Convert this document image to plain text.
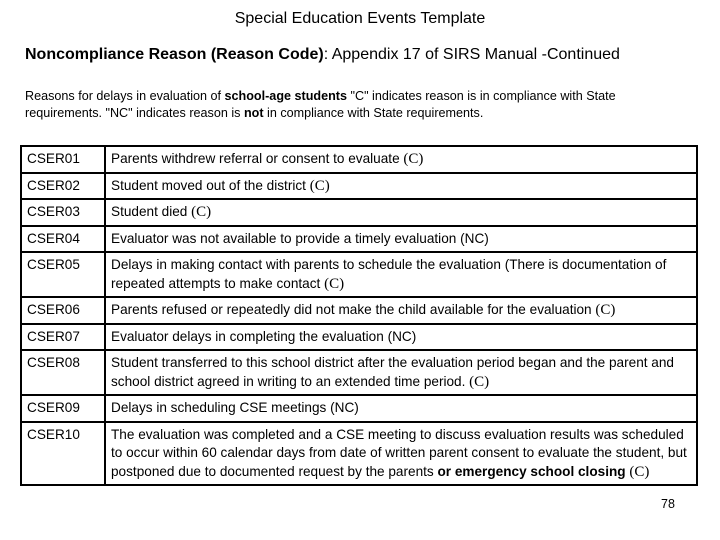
Special Education Events Template
Noncompliance Reason (Reason Code): Appendix 17 of SIRS Manual -Continued
Reasons for delays in evaluation of school-age students "C" indicates reason is in compliance with State requirements. "NC" indicates reason is not in compliance with State requirements.
CSER01	Parents withdrew referral or consent to evaluate (C)
CSER02	Student moved out of the district (C)
CSER03	Student died (C)
CSER04	Evaluator was not available to provide a timely evaluation (NC)
CSER05	Delays in making contact with parents to schedule the evaluation (There is documentation of repeated attempts to make contact (C)
CSER06	Parents refused or repeatedly did not make the child available for the evaluation (C)
CSER07	Evaluator delays in completing the evaluation (NC)
CSER08	Student transferred to this school district after the evaluation period began and the parent and school district agreed in writing to an extended time period. (C)
CSER09	Delays in scheduling CSE meetings (NC)
CSER10	The evaluation was completed and a CSE meeting to discuss evaluation results was scheduled to occur within 60 calendar days from date of written parent consent to evaluate the student, but postponed due to documented request by the parents or emergency school closing (C)
78
